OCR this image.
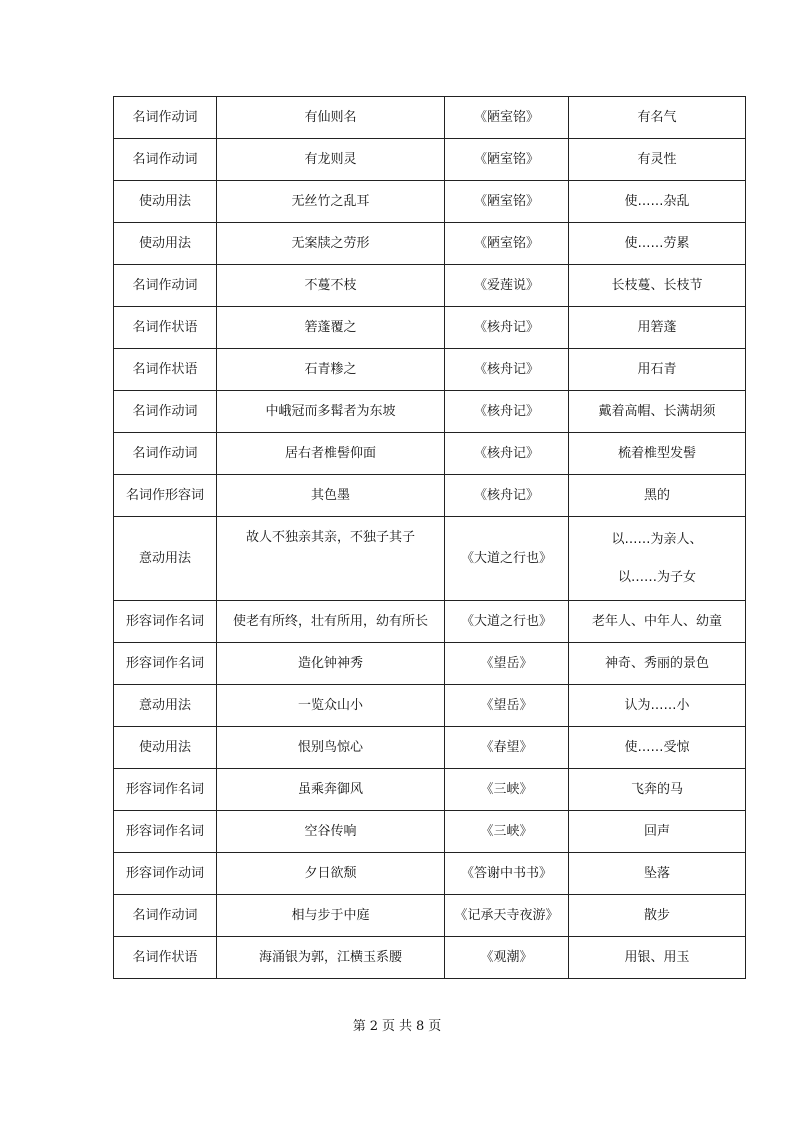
名词作动词	有仙则名	《陋室铭》	有名气
名词作动词	有龙则灵	《陋室铭》	有灵性
使动用法	无丝竹之乱耳	《陋室铭》	使……杂乱
使动用法	无案牍之劳形	《陋室铭》	使……劳累
名词作动词	不蔓不枝	《爱莲说》	长枝蔓、长枝节
名词作状语	箬蓬覆之	《核舟记》	用箬蓬
名词作状语	石青糁之	《核舟记》	用石青
名词作动词	中峨冠而多髯者为东坡	《核舟记》	戴着高帽、长满胡须
名词作动词	居右者椎髻仰面	《核舟记》	梳着椎型发髻
名词作形容词	其色墨	《核舟记》	黑的
意动用法	故人不独亲其亲，不独子其子	《大道之行也》	以……为亲人、
以……为子女

形容词作名词	使老有所终，壮有所用，幼有所长	《大道之行也》	老年人、中年人、幼童
形容词作名词	造化钟神秀	《望岳》	神奇、秀丽的景色
意动用法	一览众山小	《望岳》	认为……小
使动用法	恨别鸟惊心	《春望》	使……受惊
形容词作名词	虽乘奔御风	《三峡》	飞奔的马
形容词作名词	空谷传响	《三峡》	回声
形容词作动词	夕日欲颓	《答谢中书书》	坠落
名词作动词	相与步于中庭	《记承天寺夜游》	散步
名词作状语	海涌银为郭，江横玉系腰	《观潮》	用银、用玉
第 2 页 共 8 页
